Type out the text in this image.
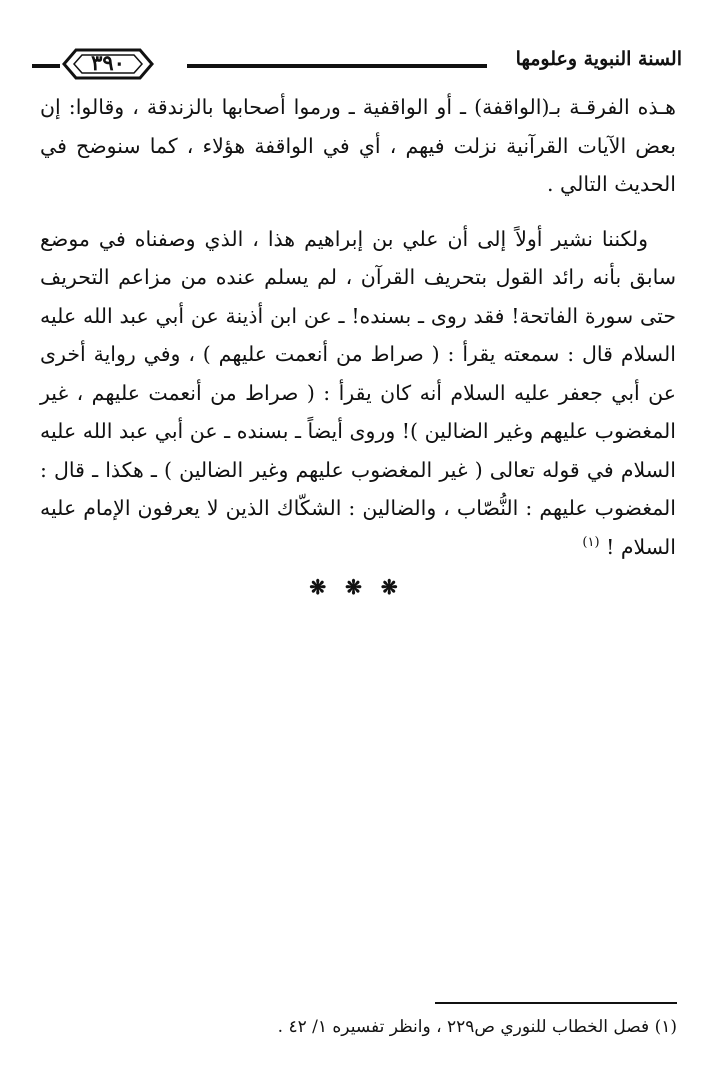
السنة النبوية وعلومها
٣٩٠

هـذه الفرقـة بـ(الواقفة) ـ أو الواقفية ـ ورموا أصحابها بالزندقة ، وقالوا: إن بعض الآيات القرآنية نزلت فيهم ، أي في الواقفة هؤلاء ، كما سنوضح في الحديث التالي .

ولكننا نشير أولاً إلى أن علي بن إبراهيم هذا ، الذي وصفناه في موضع سابق بأنه رائد القول بتحريف القرآن ، لم يسلم عنده من مزاعم التحريف حتى سورة الفاتحة! فقد روى ـ بسنده! ـ عن ابن أذينة عن أبي عبد الله عليه السلام قال : سمعته يقرأ : ( صراط من أنعمت عليهم ) ، وفي رواية أخرى عن أبي جعفر عليه السلام أنه كان يقرأ : ( صراط من أنعمت عليهم ، غير المغضوب عليهم وغير الضالين )! وروى أيضاً ـ بسنده ـ عن أبي عبد الله عليه السلام في قوله تعالى ( غير المغضوب عليهم وغير الضالين ) ـ هكذا ـ قال : المغضوب عليهم : النُّصّاب ، والضالين : الشكّاك الذين لا يعرفون الإمام عليه السلام ! $^{(١)}$

❋ ❋ ❋
(١) فصل الخطاب للنوري ص٢٢٩ ، وانظر تفسيره ١/ ٤٢ .
